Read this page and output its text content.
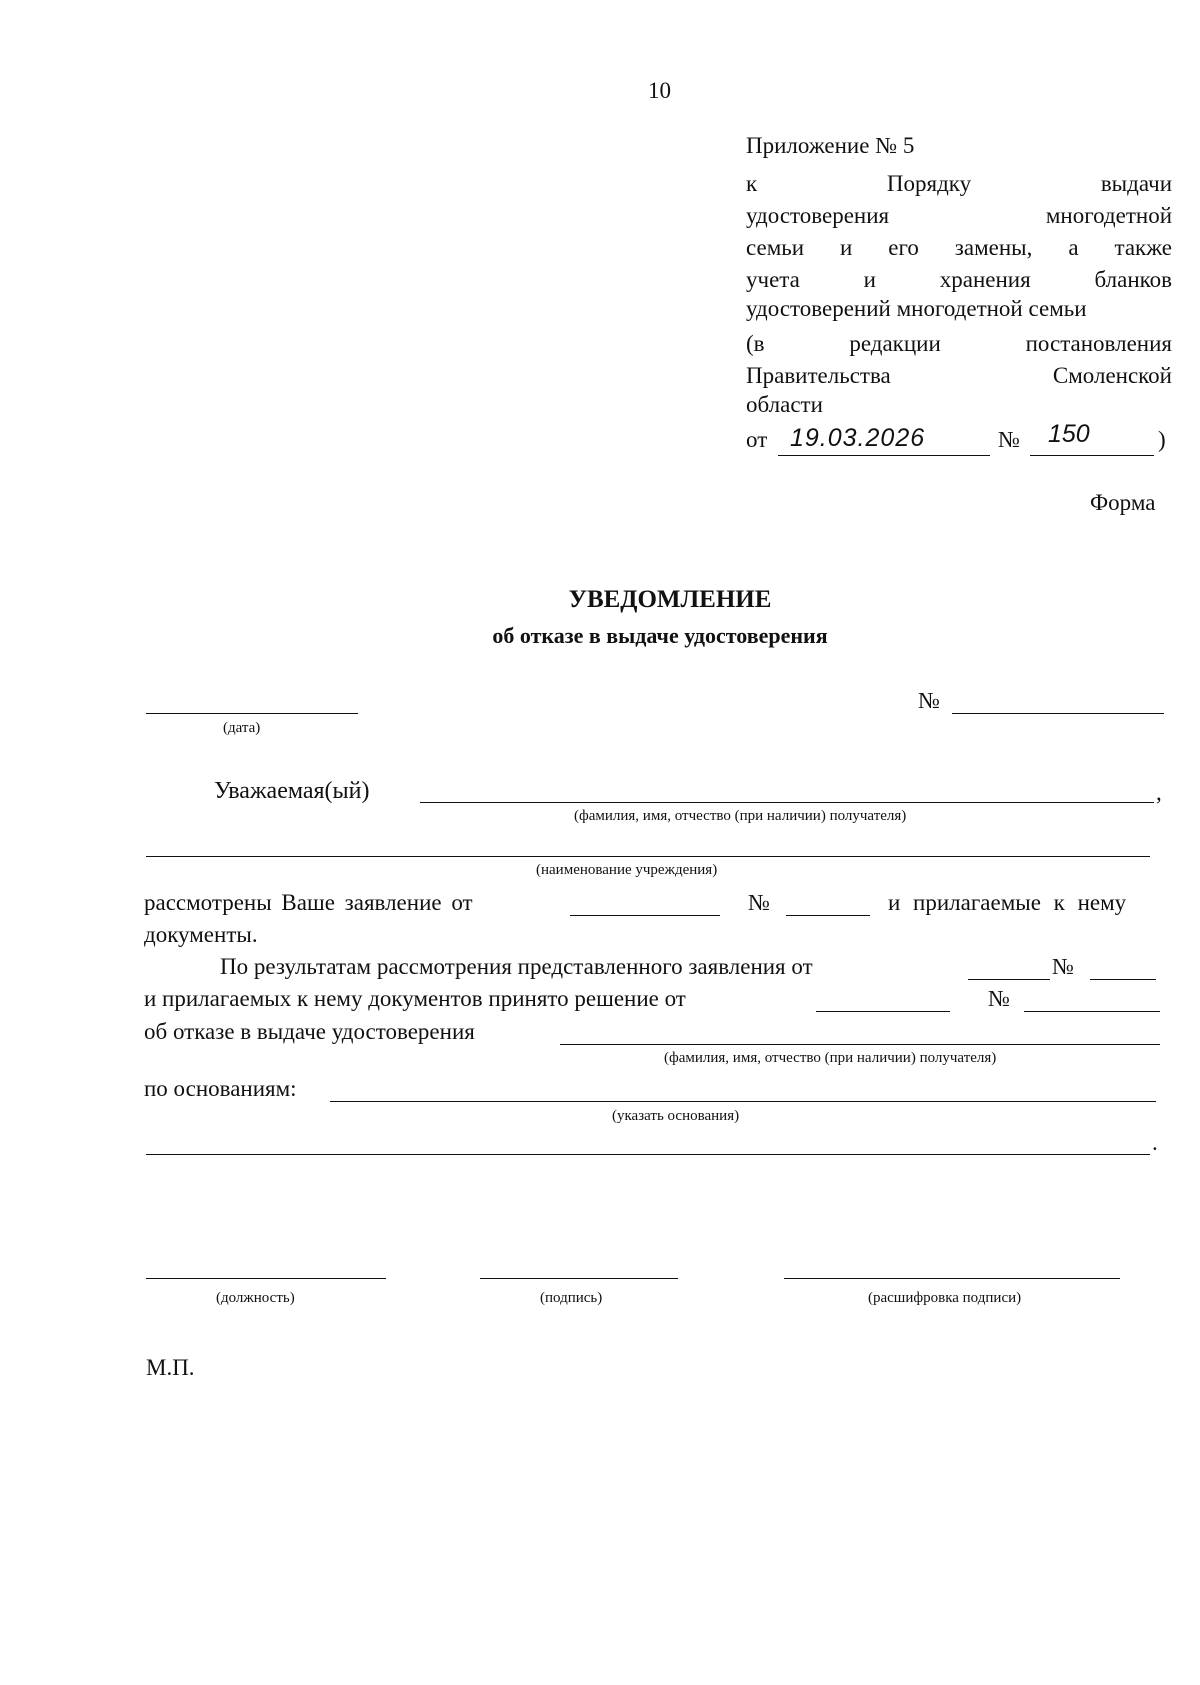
10
Приложение № 5
к Порядку выдачи
удостоверения многодетной
семьи и его замены, а также
учета и хранения бланков
удостоверений многодетной семьи
(в редакции постановления
Правительства Смоленской
области
от 19.03.2026	№ 150	)
Форма
УВЕДОМЛЕНИЕ
об отказе в выдаче удостоверения
(дата)
№
Уважаемая(ый)	,
(фамилия, имя, отчество (при наличии) получателя)
(наименование учреждения)
рассмотрены Ваше заявление от	№	и прилагаемые к нему
документы.
По результатам рассмотрения представленного заявления от	№
и прилагаемых к нему документов принято решение от	№
об отказе в выдаче удостоверения
(фамилия, имя, отчество (при наличии) получателя)
по основаниям:
(указать основания)
.
(должность)	(подпись)	(расшифровка подписи)
М.П.
